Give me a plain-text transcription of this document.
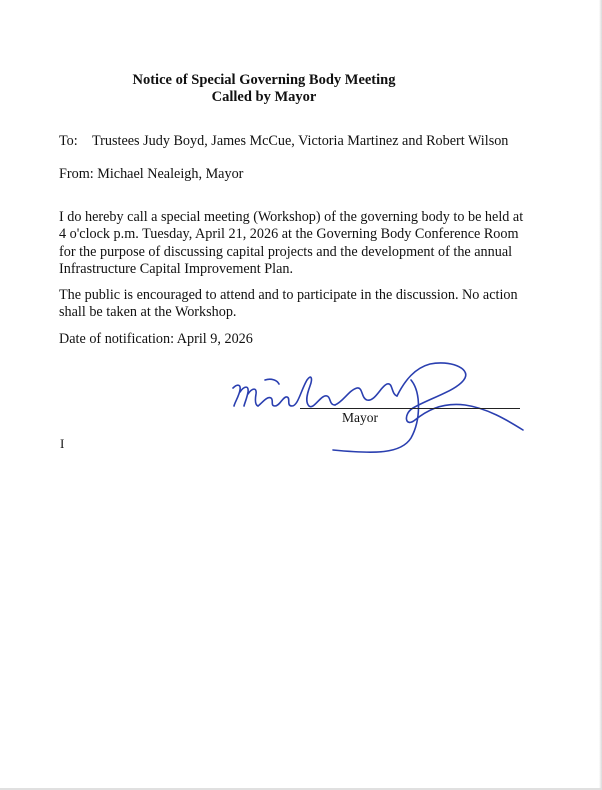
Notice of Special Governing Body Meeting
Called by Mayor
To: Trustees Judy Boyd, James McCue, Victoria Martinez and Robert Wilson
From: Michael Nealeigh, Mayor
I do hereby call a special meeting (Workshop) of the governing body to be held at
4 o'clock p.m. Tuesday, April 21, 2026 at the Governing Body Conference Room
for the purpose of discussing capital projects and the development of the annual
Infrastructure Capital Improvement Plan.
The public is encouraged to attend and to participate in the discussion. No action
shall be taken at the Workshop.
Date of notification: April 9, 2026
Mayor
I
